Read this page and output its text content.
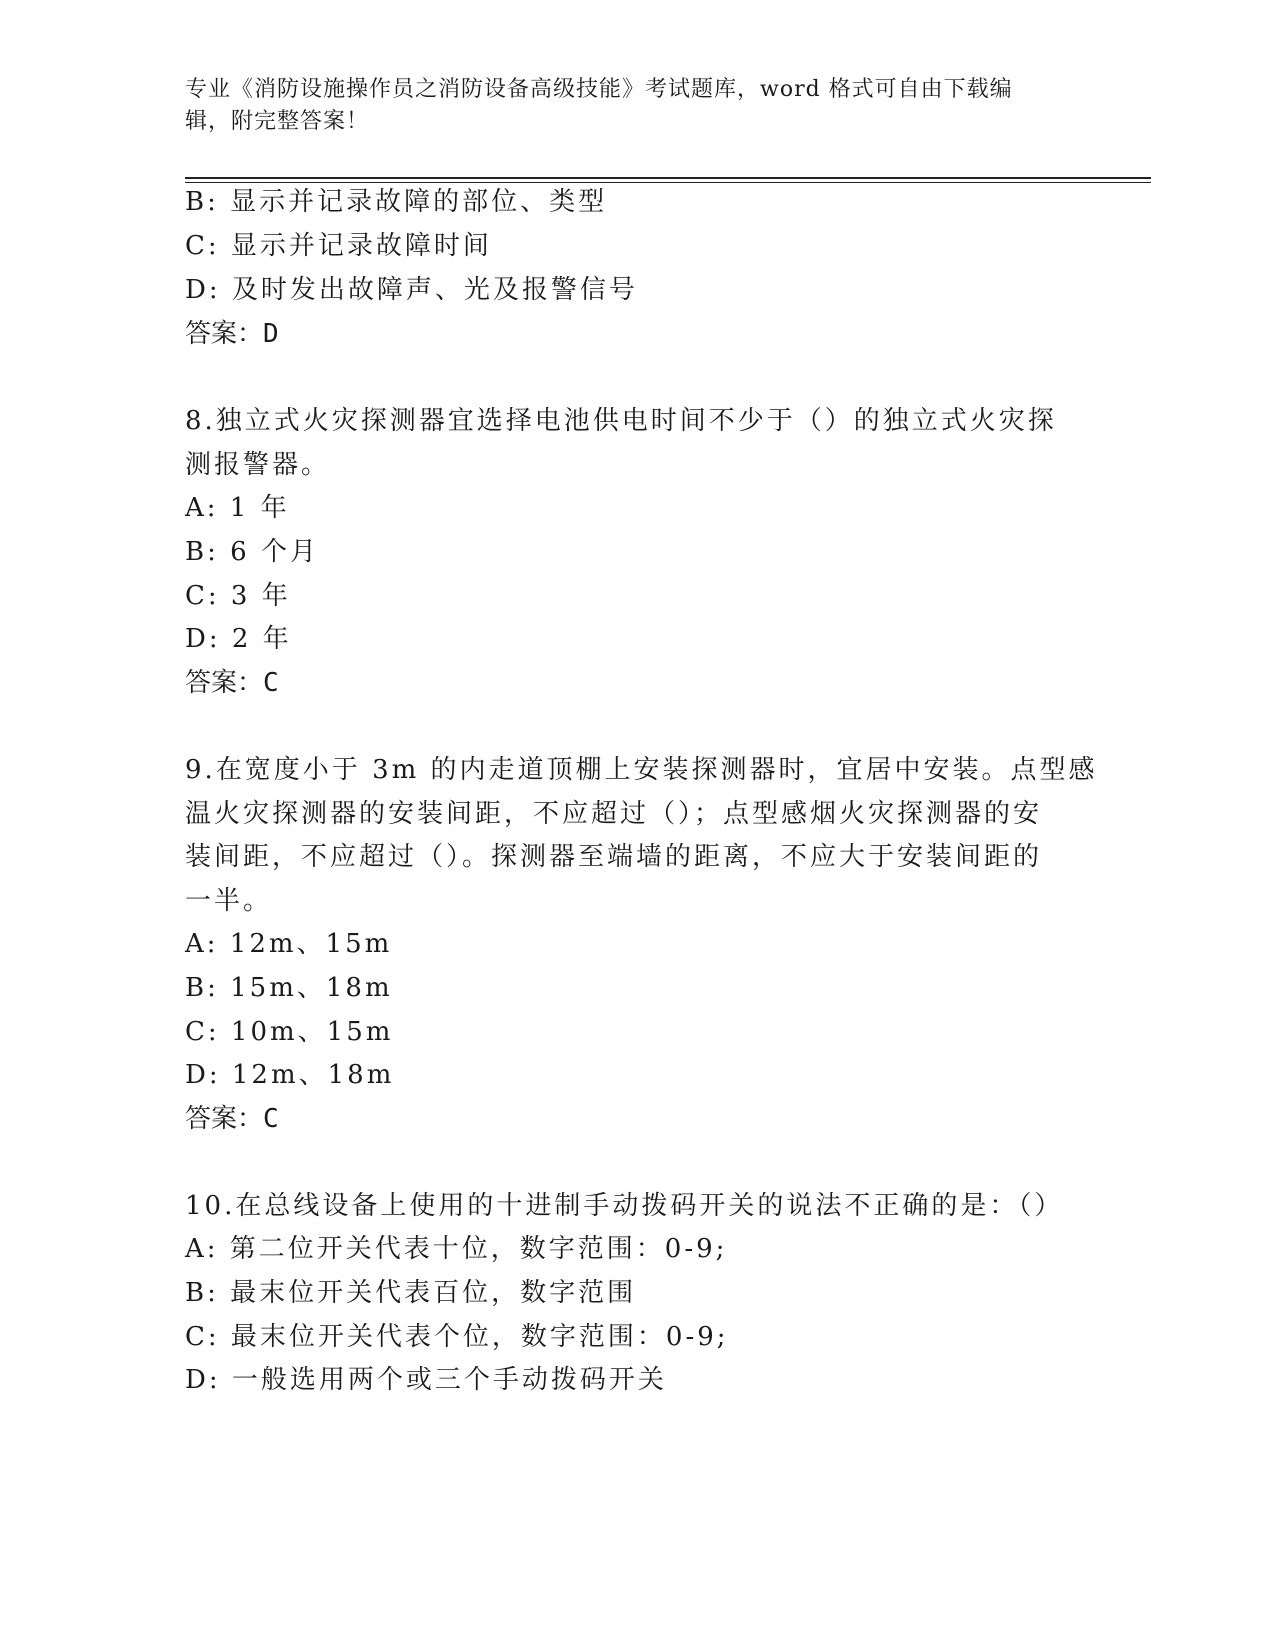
专业《消防设施操作员之消防设备高级技能》考试题库，word 格式可自由下载编
辑，附完整答案！
B: 显示并记录故障的部位、类型
C: 显示并记录故障时间
D: 及时发出故障声、光及报警信号
答案：D
8.独立式火灾探测器宜选择电池供电时间不少于（）的独立式火灾探
测报警器。
A: 1 年
B: 6 个月
C: 3 年
D: 2 年
答案：C
9.在宽度小于 3m 的内走道顶棚上安装探测器时，宜居中安装。点型感
温火灾探测器的安装间距，不应超过（）；点型感烟火灾探测器的安
装间距，不应超过（）。探测器至端墙的距离，不应大于安装间距的
一半。
A: 12m、15m
B: 15m、18m
C: 10m、15m
D: 12m、18m
答案：C
10.在总线设备上使用的十进制手动拨码开关的说法不正确的是：（）
A: 第二位开关代表十位，数字范围：0-9;
B: 最末位开关代表百位，数字范围
C: 最末位开关代表个位，数字范围：0-9;
D: 一般选用两个或三个手动拨码开关
